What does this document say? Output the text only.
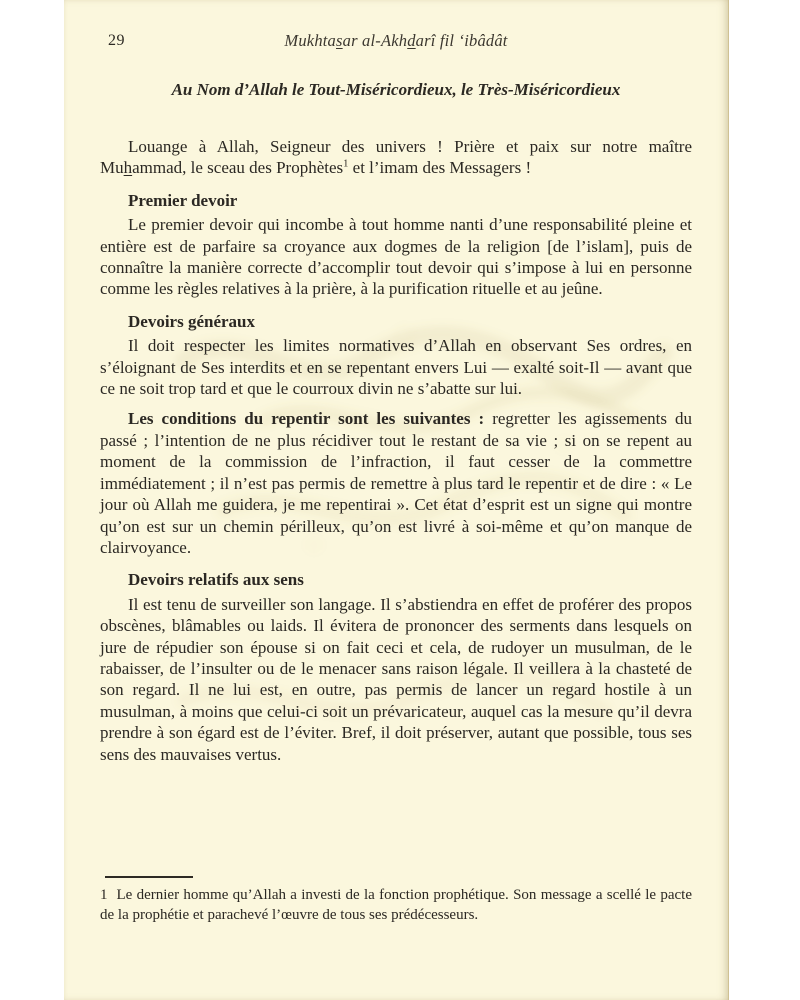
29	Mukhtasar al-Akhdarî fil ‘ibâdât
Au Nom d’Allah le Tout-Miséricordieux, le Très-Miséricordieux

Louange à Allah, Seigneur des univers ! Prière et paix sur notre maître Muhammad, le sceau des Prophètes$^1$ et l’imam des Messagers !

Premier devoir

Le premier devoir qui incombe à tout homme nanti d’une responsabilité pleine et entière est de parfaire sa croyance aux dogmes de la religion [de l’islam], puis de connaître la manière correcte d’accomplir tout devoir qui s’impose à lui en personne comme les règles relatives à la prière, à la purification rituelle et au jeûne.

Devoirs généraux

Il doit respecter les limites normatives d’Allah en observant Ses ordres, en s’éloignant de Ses interdits et en se repentant envers Lui — exalté soit-Il — avant que ce ne soit trop tard et que le courroux divin ne s’abatte sur lui.

Les conditions du repentir sont les suivantes : regretter les agissements du passé ; l’intention de ne plus récidiver tout le restant de sa vie ; si on se repent au moment de la commission de l’infraction, il faut cesser de la commettre immédiatement ; il n’est pas permis de remettre à plus tard le repentir et de dire : « Le jour où Allah me guidera, je me repentirai ». Cet état d’esprit est un signe qui montre qu’on est sur un chemin périlleux, qu’on est livré à soi-même et qu’on manque de clairvoyance.

Devoirs relatifs aux sens

Il est tenu de surveiller son langage. Il s’abstiendra en effet de proférer des propos obscènes, blâmables ou laids. Il évitera de prononcer des serments dans lesquels on jure de répudier son épouse si on fait ceci et cela, de rudoyer un musulman, de le rabaisser, de l’insulter ou de le menacer sans raison légale. Il veillera à la chasteté de son regard. Il ne lui est, en outre, pas permis de lancer un regard hostile à un musulman, à moins que celui-ci soit un prévaricateur, auquel cas la mesure qu’il devra prendre à son égard est de l’éviter. Bref, il doit préserver, autant que possible, tous ses sens des mauvaises vertus.

1 Le dernier homme qu’Allah a investi de la fonction prophétique. Son message a scellé le pacte de la prophétie et parachevé l’œuvre de tous ses prédécesseurs.
